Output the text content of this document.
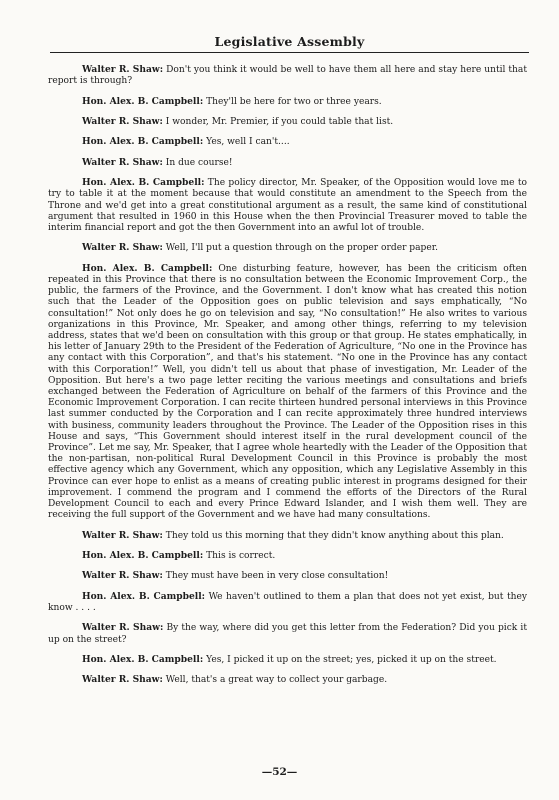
Legislative Assembly

Walter R. Shaw: Don't you think it would be well to have them all here and stay here until that report is through?

Hon. Alex. B. Campbell: They'll be here for two or three years.

Walter R. Shaw: I wonder, Mr. Premier, if you could table that list.

Hon. Alex. B. Campbell: Yes, well I can't....

Walter R. Shaw: In due course!

Hon. Alex. B. Campbell: The policy director, Mr. Speaker, of the Opposition would love me to try to table it at the moment because that would constitute an amendment to the Speech from the Throne and we'd get into a great constitutional argument as a result, the same kind of constitutional argument that resulted in 1960 in this House when the then Provincial Treasurer moved to table the interim financial report and got the then Government into an awful lot of trouble.

Walter R. Shaw: Well, I'll put a question through on the proper order paper.

Hon. Alex. B. Campbell: One disturbing feature, however, has been the criticism often repeated in this Province that there is no consultation between the Economic Improvement Corp., the public, the farmers of the Province, and the Government. I don't know what has created this notion such that the Leader of the Opposition goes on public television and says emphatically, “No consultation!” Not only does he go on television and say, “No consultation!” He also writes to various organizations in this Province, Mr. Speaker, and among other things, referring to my television address, states that we'd been on consultation with this group or that group. He states emphatically, in his letter of January 29th to the President of the Federation of Agriculture, “No one in the Province has any contact with this Corporation”, and that's his statement. “No one in the Province has any contact with this Corporation!” Well, you didn't tell us about that phase of investigation, Mr. Leader of the Opposition. But here's a two page letter reciting the various meetings and consultations and briefs exchanged between the Federation of Agriculture on behalf of the farmers of this Province and the Economic Improvement Corporation. I can recite thirteen hundred personal interviews in this Province last summer conducted by the Corporation and I can recite approximately three hundred interviews with business, community leaders throughout the Province. The Leader of the Opposition rises in this House and says, “This Government should interest itself in the rural development council of the Province”. Let me say, Mr. Speaker, that I agree whole heartedly with the Leader of the Opposition that the non-partisan, non-political Rural Development Council in this Province is probably the most effective agency which any Government, which any opposition, which any Legislative Assembly in this Province can ever hope to enlist as a means of creating public interest in programs designed for their improvement. I commend the program and I commend the efforts of the Directors of the Rural Development Council to each and every Prince Edward Islander, and I wish them well. They are receiving the full support of the Government and we have had many consultations.

Walter R. Shaw: They told us this morning that they didn't know anything about this plan.

Hon. Alex. B. Campbell: This is correct.

Walter R. Shaw: They must have been in very close consultation!

Hon. Alex. B. Campbell: We haven't outlined to them a plan that does not yet exist, but they know . . . .

Walter R. Shaw: By the way, where did you get this letter from the Federation? Did you pick it up on the street?

Hon. Alex. B. Campbell: Yes, I picked it up on the street; yes, picked it up on the street.

Walter R. Shaw: Well, that's a great way to collect your garbage.

—52—
